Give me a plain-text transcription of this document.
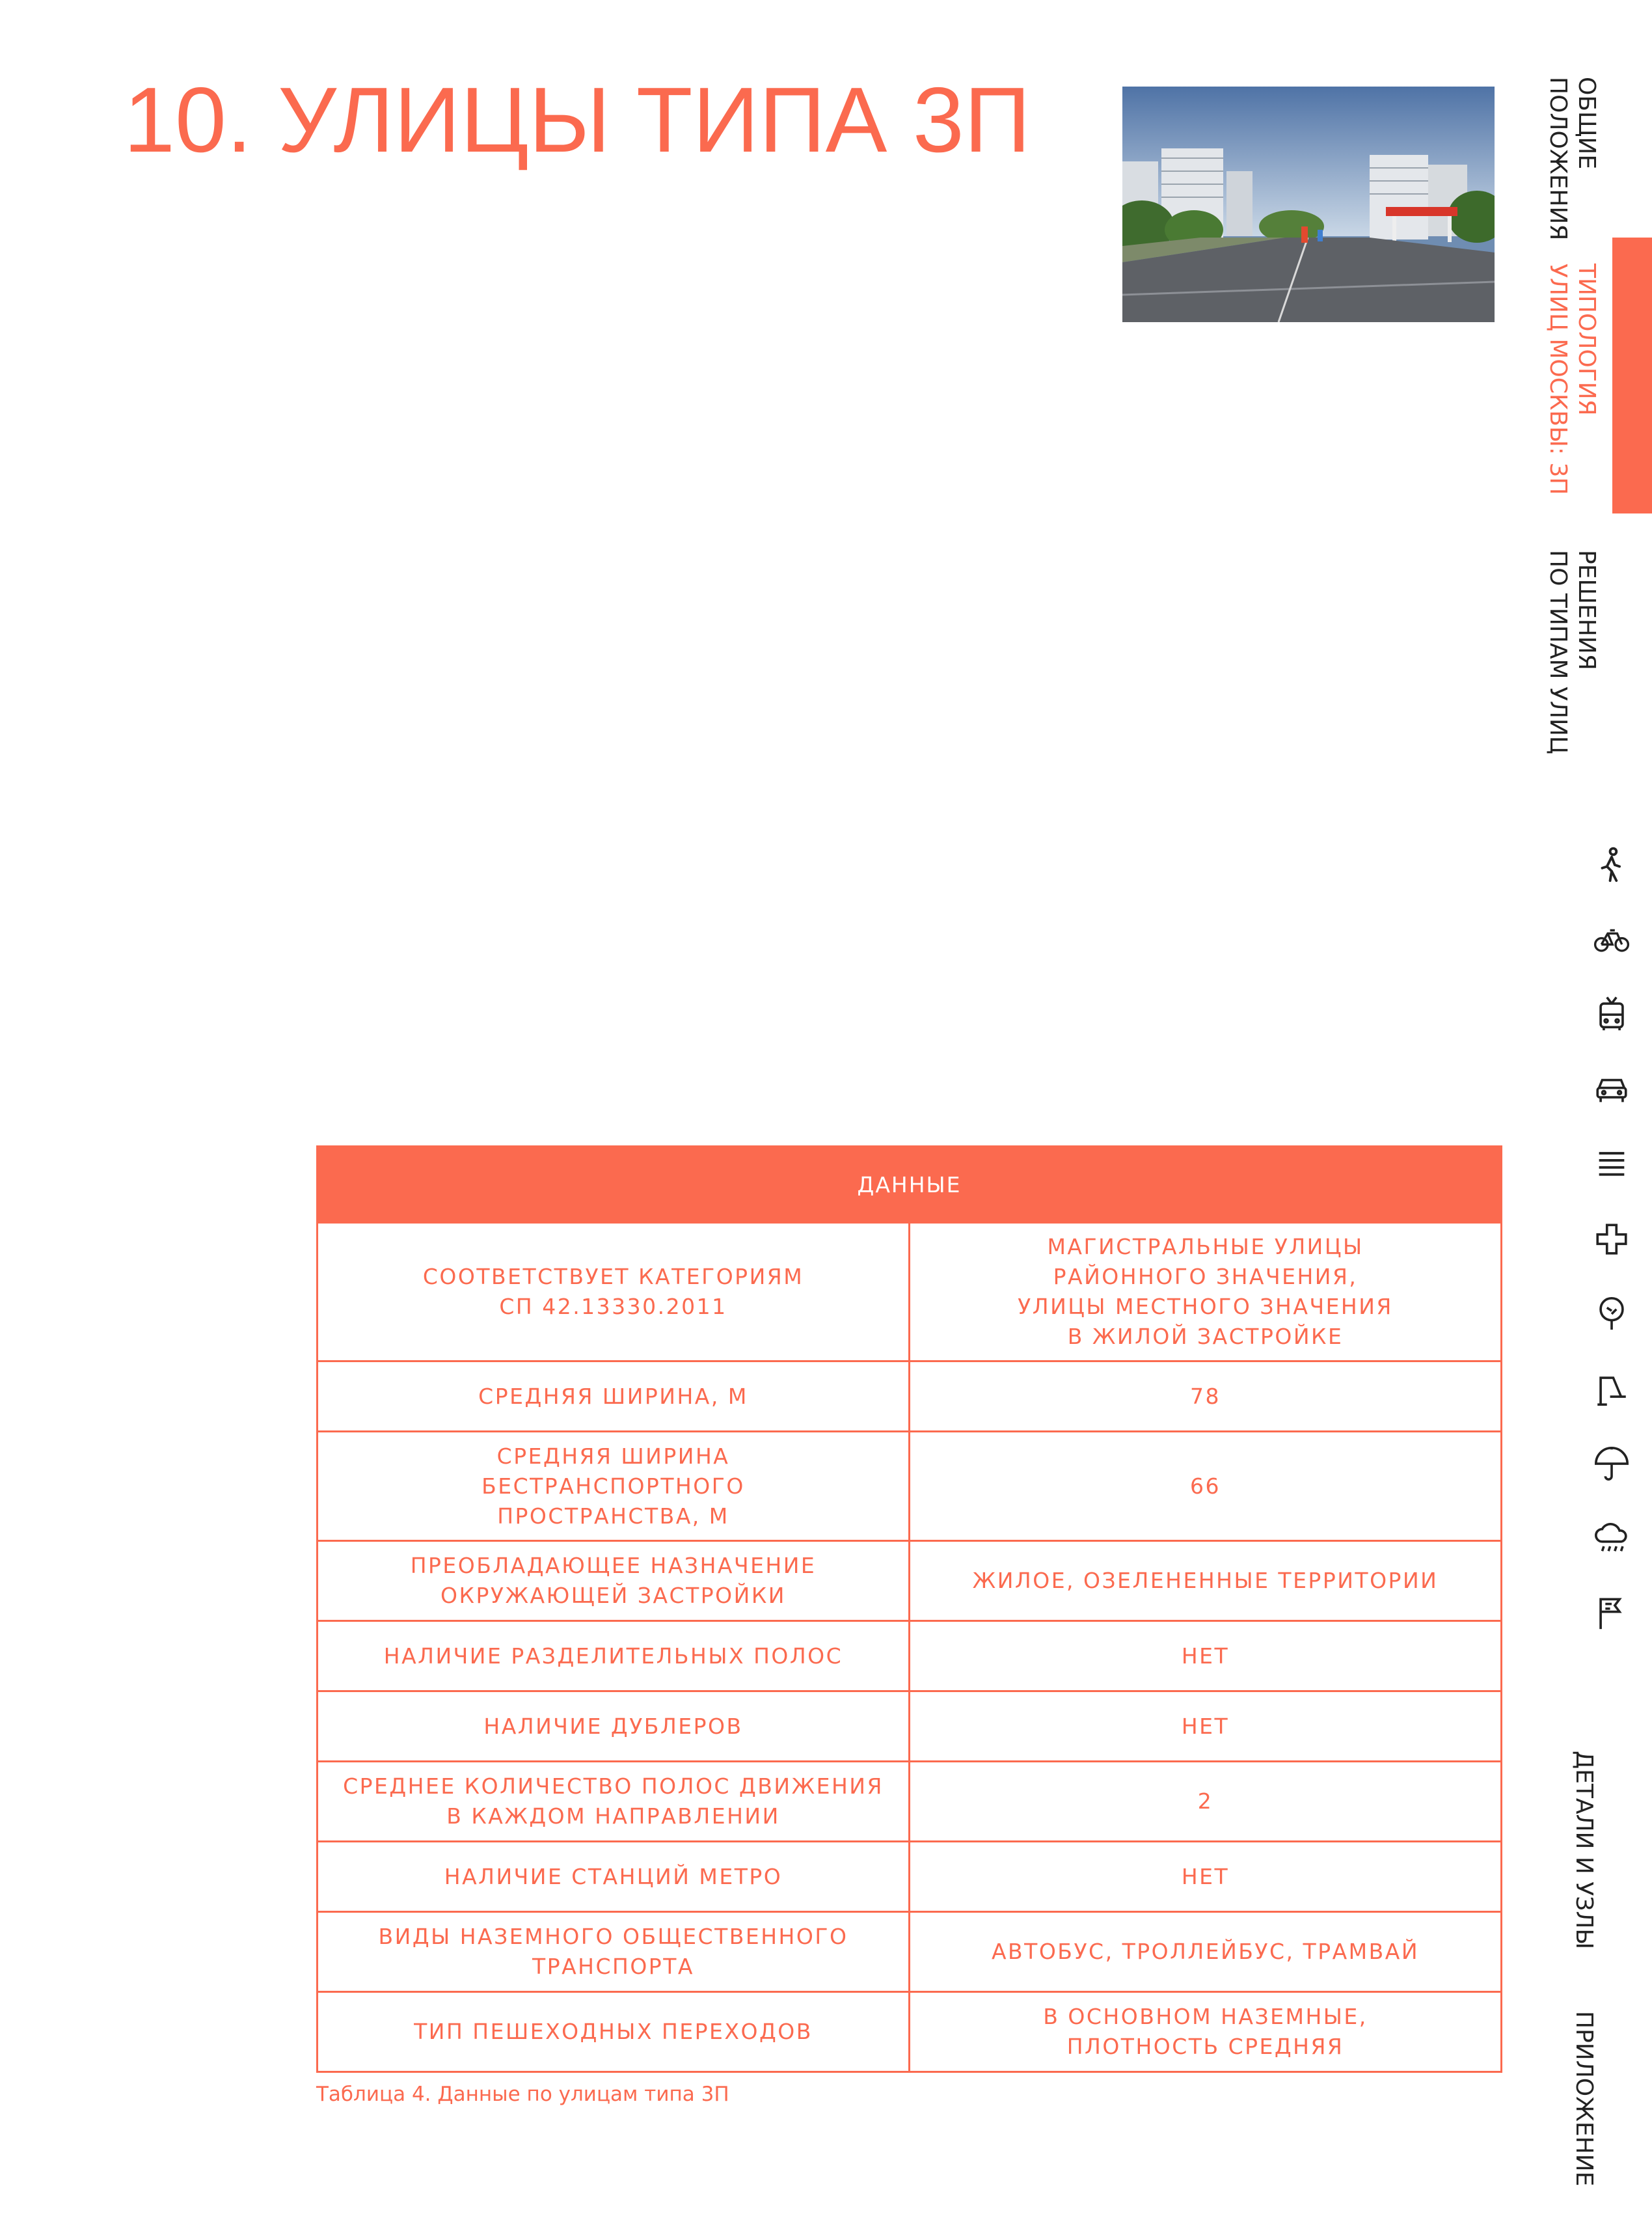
10. УЛИЦЫ ТИПА 3П	ОБЩИЕ
ПОЛОЖЕНИЯ
ТИПОЛОГИЯ
УЛИЦ МОСКВЫ: 3П
РЕШЕНИЯ
ПО ТИПАМ УЛИЦ
ДЕТАЛИ И УЗЛЫ
ПРИЛОЖЕНИЕ
ДАННЫЕ	
СООТВЕТСТВУЕТ КАТЕГОРИЯМ
СП 42.13330.2011	МАГИСТРАЛЬНЫЕ УЛИЦЫ
РАЙОННОГО ЗНАЧЕНИЯ,
УЛИЦЫ МЕСТНОГО ЗНАЧЕНИЯ
В ЖИЛОЙ ЗАСТРОЙКЕ
СРЕДНЯЯ ШИРИНА, М	78
СРЕДНЯЯ ШИРИНА
БЕСТРАНСПОРТНОГО
ПРОСТРАНСТВА, М	66
ПРЕОБЛАДАЮЩЕЕ НАЗНАЧЕНИЕ
ОКРУЖАЮЩЕЙ ЗАСТРОЙКИ	ЖИЛОЕ, ОЗЕЛЕНЕННЫЕ ТЕРРИТОРИИ
НАЛИЧИЕ РАЗДЕЛИТЕЛЬНЫХ ПОЛОС	НЕТ
НАЛИЧИЕ ДУБЛЕРОВ	НЕТ
СРЕДНЕЕ КОЛИЧЕСТВО ПОЛОС ДВИЖЕНИЯ
В КАЖДОМ НАПРАВЛЕНИИ	2
НАЛИЧИЕ СТАНЦИЙ МЕТРО	НЕТ
ВИДЫ НАЗЕМНОГО ОБЩЕСТВЕННОГО
ТРАНСПОРТА	АВТОБУС, ТРОЛЛЕЙБУС, ТРАМВАЙ
ТИП ПЕШЕХОДНЫХ ПЕРЕХОДОВ	В ОСНОВНОМ НАЗЕМНЫЕ,
ПЛОТНОСТЬ СРЕДНЯЯ
Таблица 4. Данные по улицам типа 3П
